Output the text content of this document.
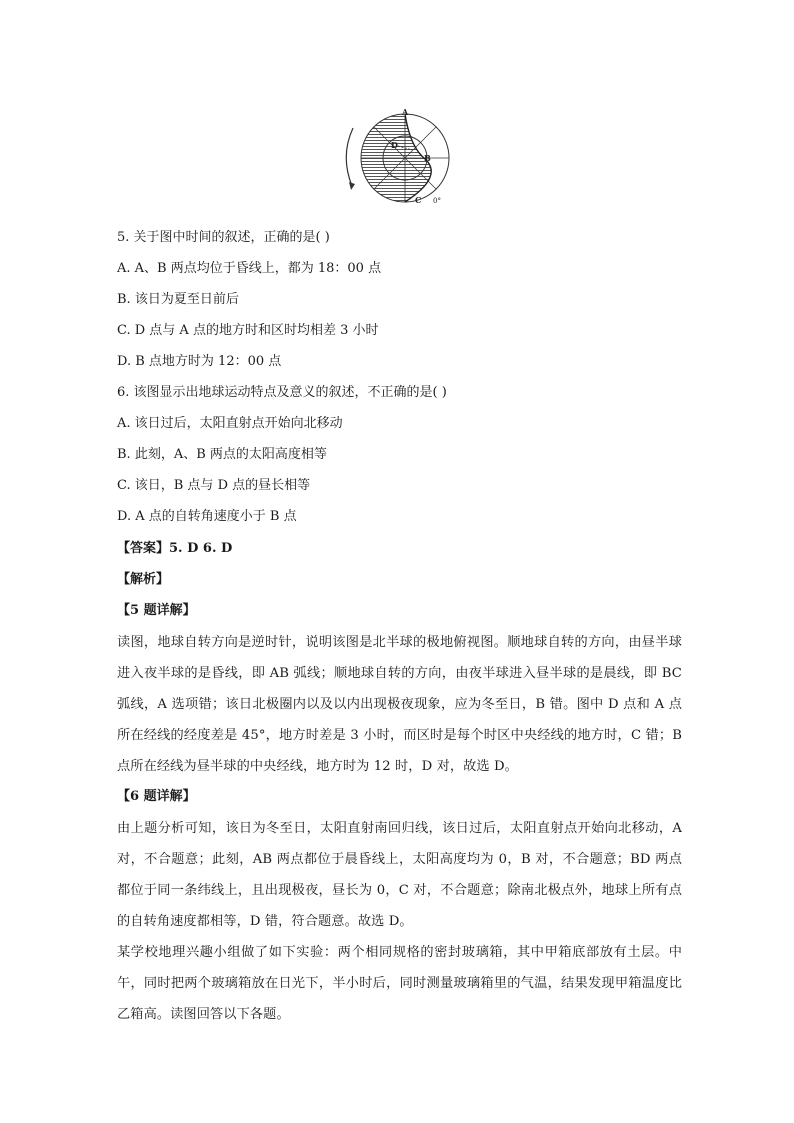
A
B
C
D
0°
5. 关于图中时间的叙述，正确的是( )
A. A、B 两点均位于昏线上，都为 18：00 点
B. 该日为夏至日前后
C. D 点与 A 点的地方时和区时均相差 3 小时
D. B 点地方时为 12：00 点
6. 该图显示出地球运动特点及意义的叙述，不正确的是( )
A. 该日过后，太阳直射点开始向北移动
B. 此刻，A、B 两点的太阳高度相等
C. 该日，B 点与 D 点的昼长相等
D. A 点的自转角速度小于 B 点
【答案】5. D 6. D
【解析】
【5 题详解】
读图，地球自转方向是逆时针，说明该图是北半球的极地俯视图。顺地球自转的方向，由昼半球进入夜半球的是昏线，即 AB 弧线；顺地球自转的方向，由夜半球进入昼半球的是晨线，即 BC 弧线，A 选项错；该日北极圈内以及以内出现极夜现象，应为冬至日，B 错。图中 D 点和 A 点所在经线的经度差是 45°，地方时差是 3 小时，而区时是每个时区中央经线的地方时，C 错；B 点所在经线为昼半球的中央经线，地方时为 12 时，D 对，故选 D。
【6 题详解】
由上题分析可知，该日为冬至日，太阳直射南回归线，该日过后，太阳直射点开始向北移动，A 对，不合题意；此刻，AB 两点都位于晨昏线上，太阳高度均为 0，B 对，不合题意；BD 两点都位于同一条纬线上，且出现极夜，昼长为 0，C 对，不合题意；除南北极点外，地球上所有点的自转角速度都相等，D 错，符合题意。故选 D。
某学校地理兴趣小组做了如下实验：两个相同规格的密封玻璃箱，其中甲箱底部放有土层。中午，同时把两个玻璃箱放在日光下，半小时后，同时测量玻璃箱里的气温，结果发现甲箱温度比乙箱高。读图回答以下各题。
